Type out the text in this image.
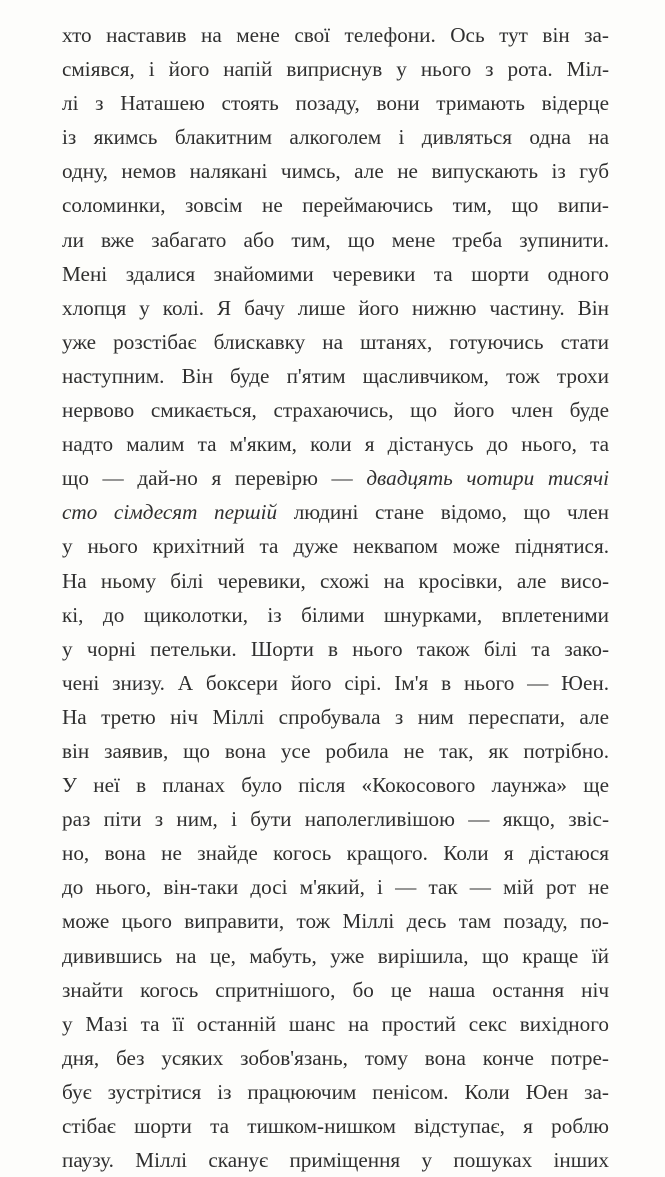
хто наставив на мене свої телефони. Ось тут він за-
сміявся, і його напій виприснув у нього з рота. Міл-
лі з Наташею стоять позаду, вони тримають відерце
із якимсь блакитним алкоголем і дивляться одна на
одну, немов налякані чимсь, але не випускають із губ
соломинки, зовсім не переймаючись тим, що випи-
ли вже забагато або тим, що мене треба зупинити.
Мені здалися знайомими черевики та шорти одного
хлопця у колі. Я бачу лише його нижню частину. Він
уже розстібає блискавку на штанях, готуючись стати
наступним. Він буде п'ятим щасливчиком, тож трохи
нервово смикається, страхаючись, що його член буде
надто малим та м'яким, коли я дістанусь до нього, та
що — дай-но я перевірю — двадцять чотири тисячі
сто сімдесят першій людині стане відомо, що член
у нього крихітний та дуже неквапом може піднятися.
На ньому білі черевики, схожі на кросівки, але висо-
кі, до щиколотки, із білими шнурками, вплетеними
у чорні петельки. Шорти в нього також білі та зако-
чені знизу. А боксери його сірі. Ім'я в нього — Юен.
На третю ніч Міллі спробувала з ним переспати, але
він заявив, що вона усе робила не так, як потрібно.
У неї в планах було після «Кокосового лаунжа» ще
раз піти з ним, і бути наполегливішою — якщо, звіс-
но, вона не знайде когось кращого. Коли я дістаюся
до нього, він-таки досі м'який, і — так — мій рот не
може цього виправити, тож Міллі десь там позаду, по-
дивившись на це, мабуть, уже вирішила, що краще їй
знайти когось спритнішого, бо це наша остання ніч
у Мазі та її останній шанс на простий секс вихідного
дня, без усяких зобов'язань, тому вона конче потре-
бує зустрітися із працюючим пенісом. Коли Юен за-
стібає шорти та тишком-нишком відступає, я роблю
паузу. Міллі сканує приміщення у пошуках інших
